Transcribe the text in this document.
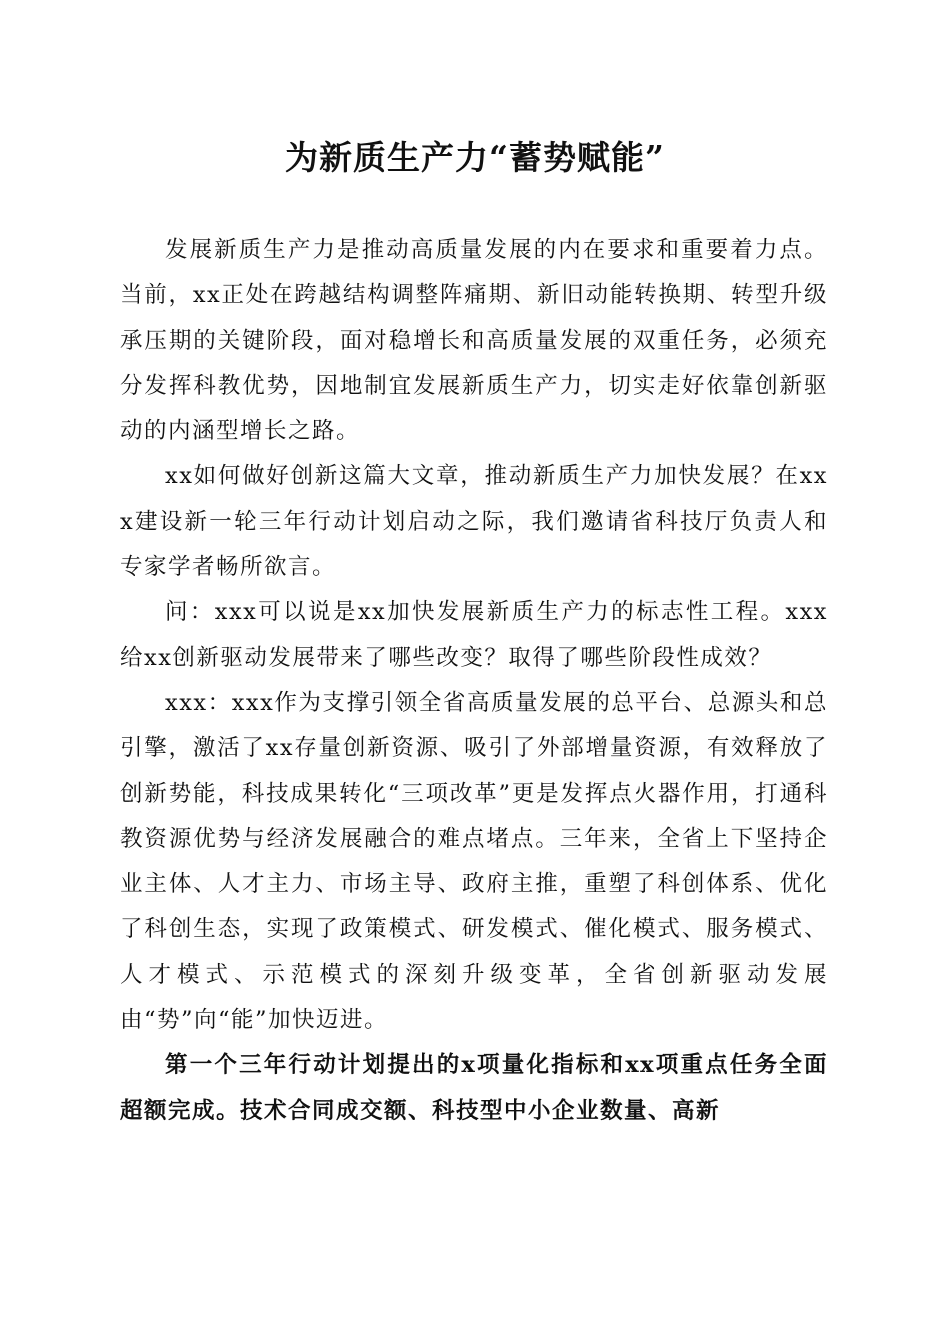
为新质生产力“蓄势赋能”

发展新质生产力是推动高质量发展的内在要求和重要着力点。当前，xx正处在跨越结构调整阵痛期、新旧动能转换期、转型升级承压期的关键阶段，面对稳增长和高质量发展的双重任务，必须充分发挥科教优势，因地制宜发展新质生产力，切实走好依靠创新驱动的内涵型增长之路。

xx如何做好创新这篇大文章，推动新质生产力加快发展？在xxx建设新一轮三年行动计划启动之际，我们邀请省科技厅负责人和专家学者畅所欲言。

问：xxx可以说是xx加快发展新质生产力的标志性工程。xxx给xx创新驱动发展带来了哪些改变？取得了哪些阶段性成效？

xxx：xxx作为支撑引领全省高质量发展的总平台、总源头和总引擎，激活了xx存量创新资源、吸引了外部增量资源，有效释放了创新势能，科技成果转化“三项改革”更是发挥点火器作用，打通科教资源优势与经济发展融合的难点堵点。三年来，全省上下坚持企业主体、人才主力、市场主导、政府主推，重塑了科创体系、优化了科创生态，实现了政策模式、研发模式、催化模式、服务模式、人才模式、示范模式的深刻升级变革，全省创新驱动发展由“势”向“能”加快迈进。

第一个三年行动计划提出的x项量化指标和xx项重点任务全面超额完成。技术合同成交额、科技型中小企业数量、高新
